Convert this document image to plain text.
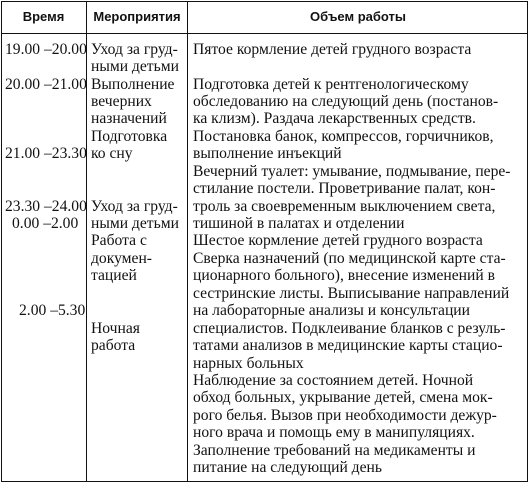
Время	Мероприятия	Объем работы
19.00 –20.00
20.00 –21.00
21.00 –23.30
23.30 –24.00
0.00 –2.00
2.00 –5.30
Уход за груд-
ными детьми
Выполнение
вечерних
назначений
Подготовка
ко сну
Уход за груд-
ными детьми
Работа с
докумен-
тацией
Ночная
работа
Пятое кормление детей грудного возраста
Подготовка детей к рентгенологическому
обследованию на следующий день (постанов-
ка клизм). Раздача лекарственных средств.
Постановка банок, компрессов, горчичников,
выполнение инъекций
Вечерний туалет: умывание, подмывание, пере-
стилание постели. Проветривание палат, кон-
троль за своевременным выключением света,
тишиной в палатах и отделении
Шестое кормление детей грудного возраста
Сверка назначений (по медицинской карте ста-
ционарного больного), внесение изменений в
сестринские листы. Выписывание направлений
на лабораторные анализы и консультации
специалистов. Подклеивание бланков с резуль-
татами анализов в медицинские карты стацио-
нарных больных
Наблюдение за состоянием детей. Ночной
обход больных, укрывание детей, смена мок-
рого белья. Вызов при необходимости дежур-
ного врача и помощь ему в манипуляциях.
Заполнение требований на медикаменты и
питание на следующий день
